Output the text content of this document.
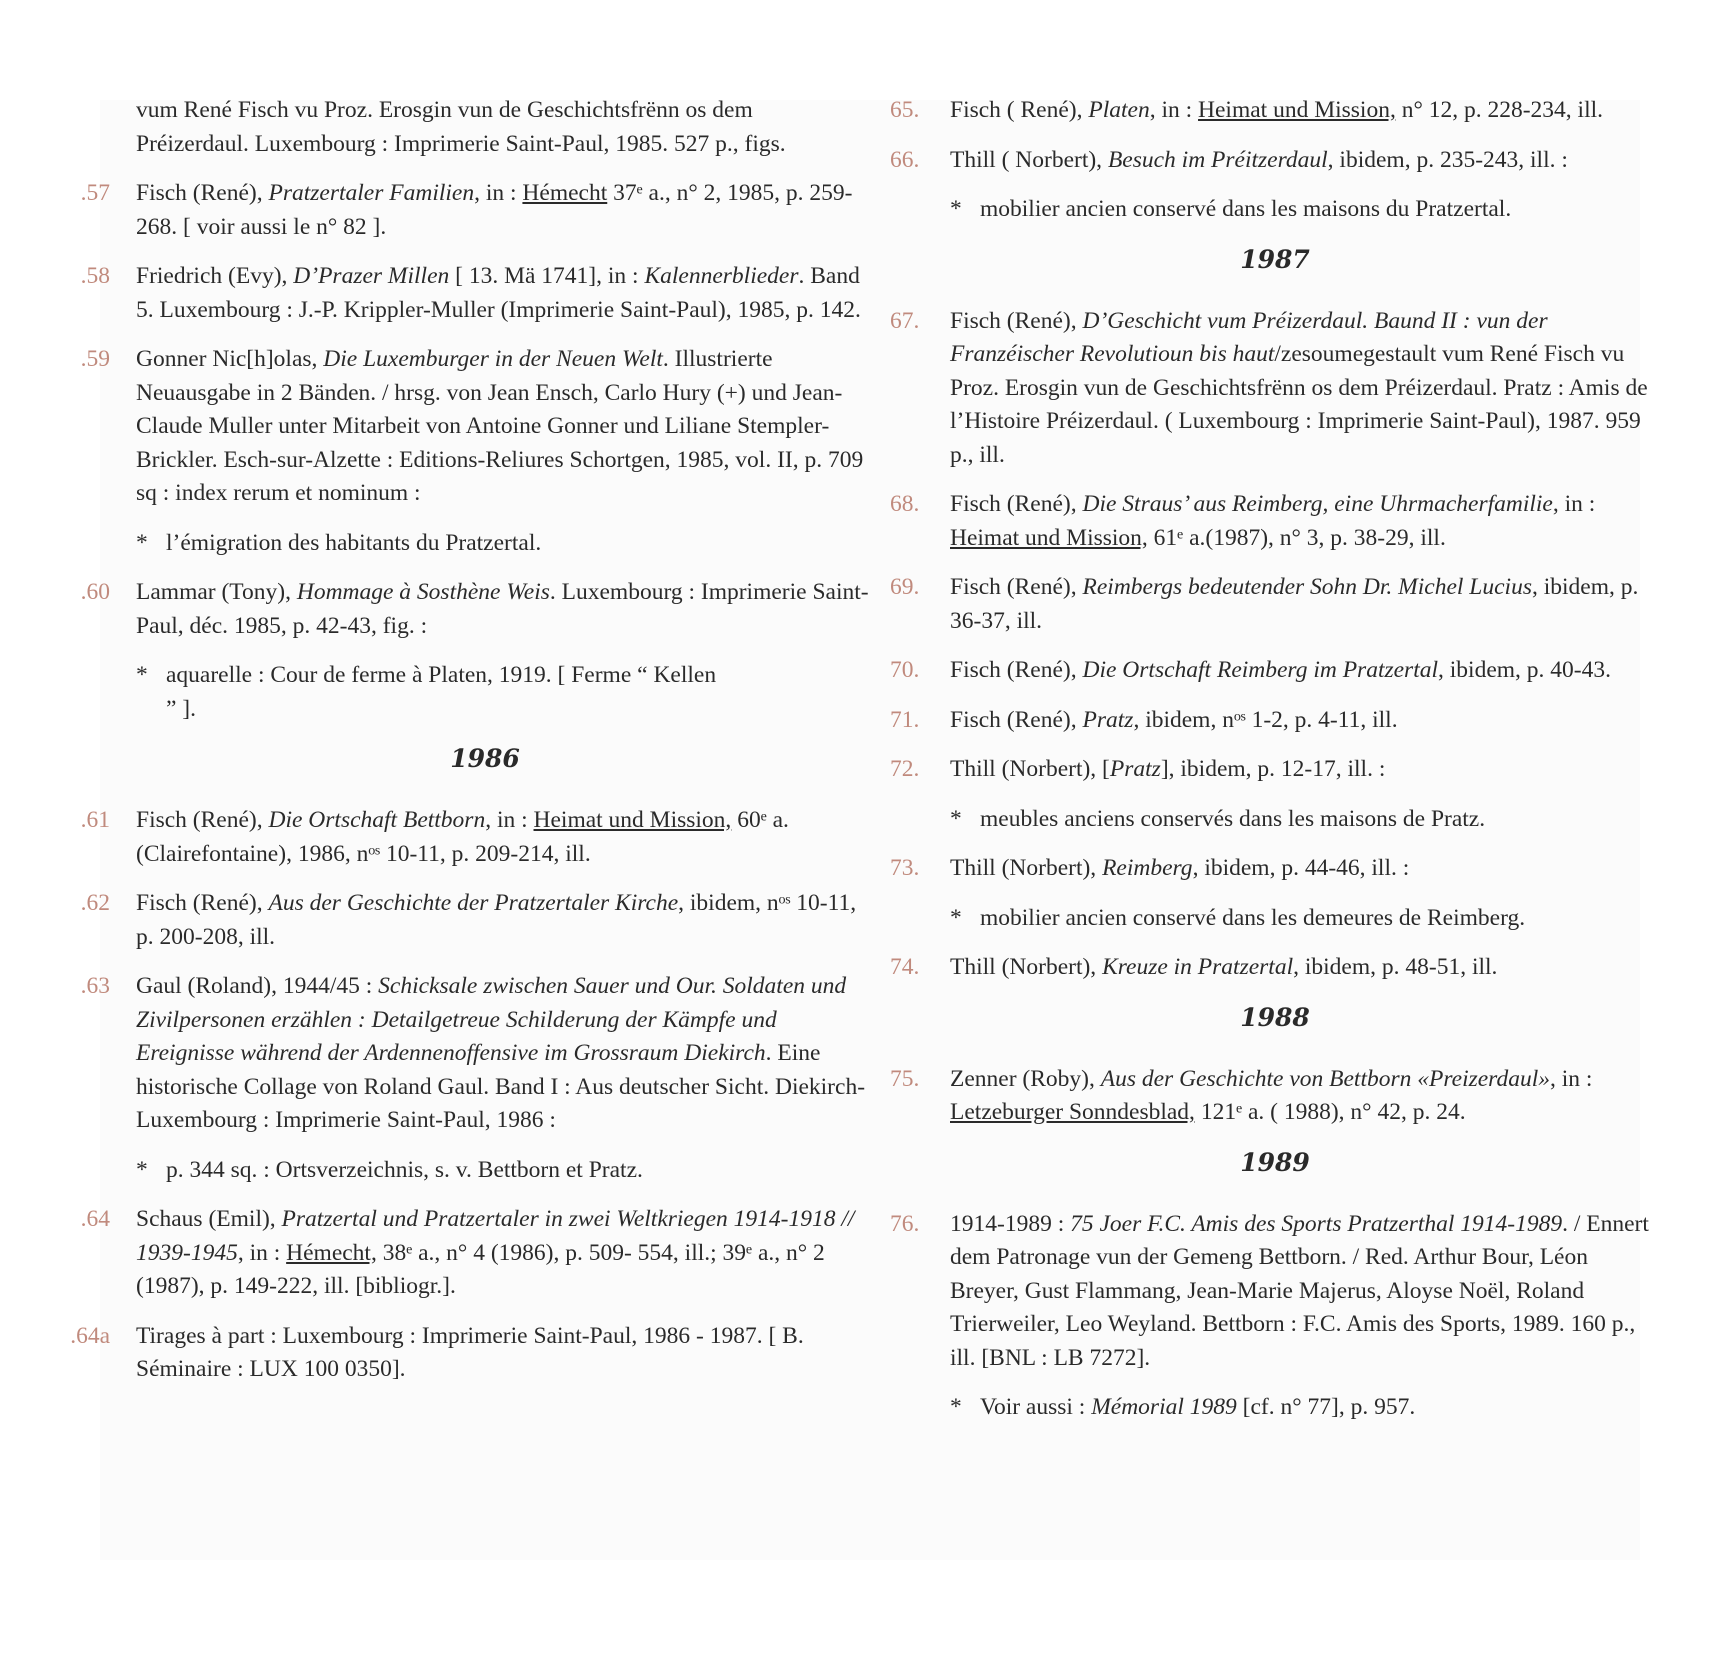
vum René Fisch vu Proz. Erosgin vun de Geschichtsfrënn os dem Préizerdaul. Luxembourg : Imprimerie Saint-Paul, 1985. 527 p., figs.
57. Fisch (René), Pratzertaler Familien, in : Hémecht 37ᵉ a., n° 2, 1985, p. 259-268. [ voir aussi le n° 82 ].
58. Friedrich (Evy), D’Prazer Millen [ 13. Mä 1741], in : Kalennerblieder. Band 5. Luxembourg : J.-P. Krippler-Muller (Imprimerie Saint-Paul), 1985, p. 142.
59. Gonner Nic[h]olas, Die Luxemburger in der Neuen Welt. Illustrierte Neuausgabe in 2 Bänden. / hrsg. von Jean Ensch, Carlo Hury (+) und Jean-Claude Muller unter Mitarbeit von Antoine Gonner und Liliane Stempler-Brickler. Esch-sur-Alzette : Editions-Reliures Schortgen, 1985, vol. II, p. 709 sq : index rerum et nominum :
* l’émigration des habitants du Pratzertal.
60. Lammar (Tony), Hommage à Sosthène Weis. Luxembourg : Imprimerie Saint-Paul, déc. 1985, p. 42-43, fig. :
* aquarelle : Cour de ferme à Platen, 1919. [ Ferme “ Kellen ” ].
1986
61. Fisch (René), Die Ortschaft Bettborn, in : Heimat und Mission, 60ᵉ a. (Clairefontaine), 1986, nᵒˢ 10-11, p. 209-214, ill.
62. Fisch (René), Aus der Geschichte der Pratzertaler Kirche, ibidem, nᵒˢ 10-11, p. 200-208, ill.
63. Gaul (Roland), 1944/45 : Schicksale zwischen Sauer und Our. Soldaten und Zivilpersonen erzählen : Detailgetreue Schilderung der Kämpfe und Ereignisse während der Ardennenoffensive im Grossraum Diekirch. Eine historische Collage von Roland Gaul. Band I : Aus deutscher Sicht. Diekirch-Luxembourg : Imprimerie Saint-Paul, 1986 :
* p. 344 sq. : Ortsverzeichnis, s. v. Bettborn et Pratz.
64. Schaus (Emil), Pratzertal und Pratzertaler in zwei Weltkriegen 1914-1918 // 1939-1945, in : Hémecht, 38ᵉ a., n° 4 (1986), p. 509- 554, ill.; 39ᵉ a., n° 2 (1987), p. 149-222, ill. [bibliogr.].
64a. Tirages à part : Luxembourg : Imprimerie Saint-Paul, 1986 - 1987. [ B. Séminaire : LUX 100 0350].
65.	Fisch ( René), Platen, in : Heimat und Mission, n° 12, p. 228-234, ill.
66.	Thill ( Norbert), Besuch im Préitzerdaul, ibidem, p. 235-243, ill. :
* mobilier ancien conservé dans les maisons du Pratzertal.
1987
67.	Fisch (René), D’Geschicht vum Préizerdaul. Baund II : vun der Franzéischer Revolutioun bis haut/zesoumegestault vum René Fisch vu Proz. Erosgin vun de Geschichtsfrënn os dem Préizerdaul. Pratz : Amis de l’Histoire Préizerdaul. ( Luxembourg : Imprimerie Saint-Paul), 1987. 959 p., ill.
68.	Fisch (René), Die Straus’ aus Reimberg, eine Uhrmacherfamilie, in : Heimat und Mission, 61ᵉ a.(1987), n° 3, p. 38-29, ill.
69.	Fisch (René), Reimbergs bedeutender Sohn Dr. Michel Lucius, ibidem, p. 36-37, ill.
70.	Fisch (René), Die Ortschaft Reimberg im Pratzertal, ibidem, p. 40-43.
71.	Fisch (René), Pratz, ibidem, nᵒˢ 1-2, p. 4-11, ill.
72.	Thill (Norbert), [Pratz], ibidem, p. 12-17, ill. :
* meubles anciens conservés dans les maisons de Pratz.
73.	Thill (Norbert), Reimberg, ibidem, p. 44-46, ill. :
* mobilier ancien conservé dans les demeures de Reimberg.
74.	Thill (Norbert), Kreuze in Pratzertal, ibidem, p. 48-51, ill.
1988
75.	Zenner (Roby), Aus der Geschichte von Bettborn «Preizerdaul», in : Letzeburger Sonndesblad, 121ᵉ a. ( 1988), n° 42, p. 24.
1989
76.	1914-1989 : 75 Joer F.C. Amis des Sports Pratzerthal 1914-1989. / Ennert dem Patronage vun der Gemeng Bettborn. / Red. Arthur Bour, Léon Breyer, Gust Flammang, Jean-Marie Majerus, Aloyse Noël, Roland Trierweiler, Leo Weyland. Bettborn : F.C. Amis des Sports, 1989. 160 p., ill. [BNL : LB 7272].
* Voir aussi : Mémorial 1989 [cf. n° 77], p. 957.
